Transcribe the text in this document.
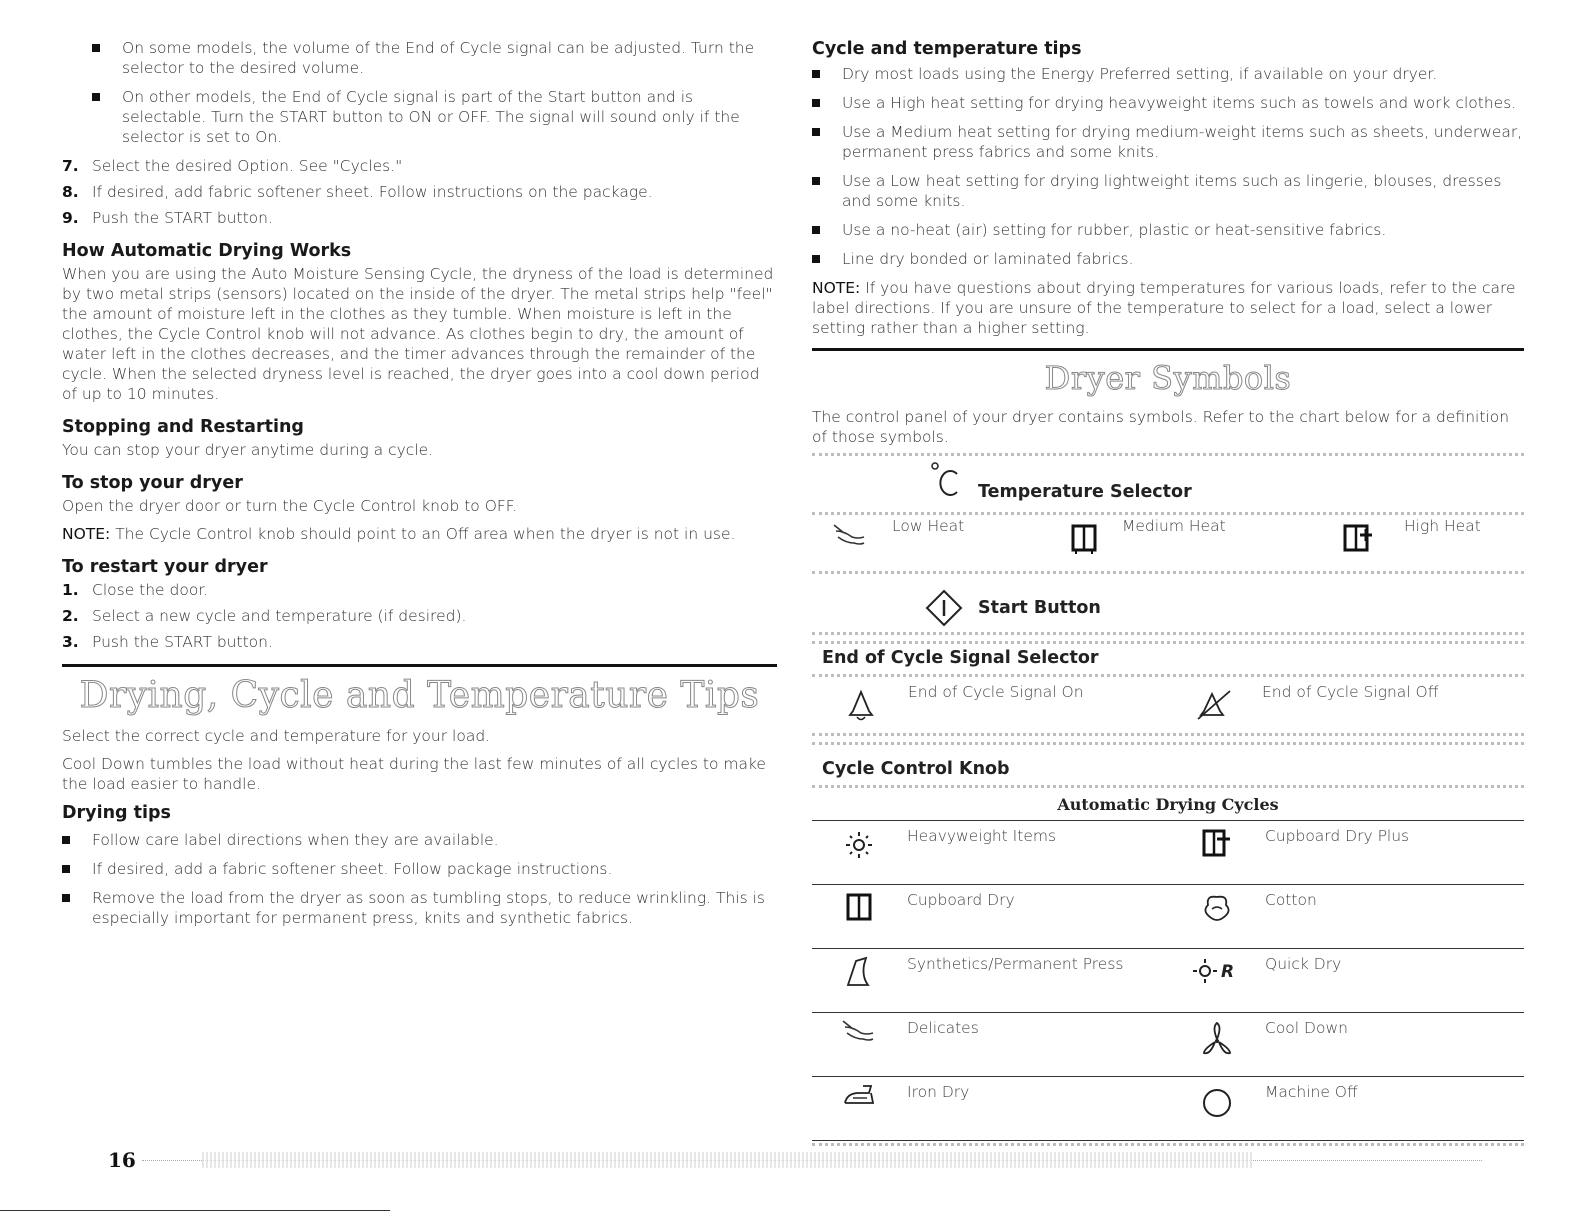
On some models, the volume of the End of Cycle signal can be adjusted. Turn the selector to the desired volume.
On other models, the End of Cycle signal is part of the Start button and is selectable. Turn the START button to ON or OFF. The signal will sound only if the selector is set to On.
7. Select the desired Option. See "Cycles."
8. If desired, add fabric softener sheet. Follow instructions on the package.
9. Push the START button.
How Automatic Drying Works

When you are using the Auto Moisture Sensing Cycle, the dryness of the load is determined by two metal strips (sensors) located on the inside of the dryer. The metal strips help "feel" the amount of moisture left in the clothes as they tumble. When moisture is left in the clothes, the Cycle Control knob will not advance. As clothes begin to dry, the amount of water left in the clothes decreases, and the timer advances through the remainder of the cycle. When the selected dryness level is reached, the dryer goes into a cool down period of up to 10 minutes.

Stopping and Restarting

You can stop your dryer anytime during a cycle.

To stop your dryer

Open the dryer door or turn the Cycle Control knob to OFF.

NOTE: The Cycle Control knob should point to an Off area when the dryer is not in use.

To restart your dryer
1. Close the door.
2. Select a new cycle and temperature (if desired).
3. Push the START button.
Drying, Cycle and Temperature Tips

Select the correct cycle and temperature for your load.

Cool Down tumbles the load without heat during the last few minutes of all cycles to make the load easier to handle.

Drying tips
Follow care label directions when they are available.
If desired, add a fabric softener sheet. Follow package instructions.
Remove the load from the dryer as soon as tumbling stops, to reduce wrinkling. This is especially important for permanent press, knits and synthetic fabrics.
Cycle and temperature tips
Dry most loads using the Energy Preferred setting, if available on your dryer.
Use a High heat setting for drying heavyweight items such as towels and work clothes.
Use a Medium heat setting for drying medium-weight items such as sheets, underwear, permanent press fabrics and some knits.
Use a Low heat setting for drying lightweight items such as lingerie, blouses, dresses and some knits.
Use a no-heat (air) setting for rubber, plastic or heat-sensitive fabrics.
Line dry bonded or laminated fabrics.

NOTE: If you have questions about drying temperatures for various loads, refer to the care label directions. If you are unsure of the temperature to select for a load, select a lower setting rather than a higher setting.

Dryer Symbols

The control panel of your dryer contains symbols. Refer to the chart below for a definition of those symbols.

Temperature Selector
Low Heat	Medium Heat	High Heat
Start Button
End of Cycle Signal Selector
End of Cycle Signal On	End of Cycle Signal Off
Cycle Control Knob
Automatic Drying Cycles
	Heavyweight Items		Cupboard Dry Plus
	Cupboard Dry		Cotton
	Synthetics/Permanent Press	R	Quick Dry
	Delicates		Cool Down
	Iron Dry		Machine Off
16
